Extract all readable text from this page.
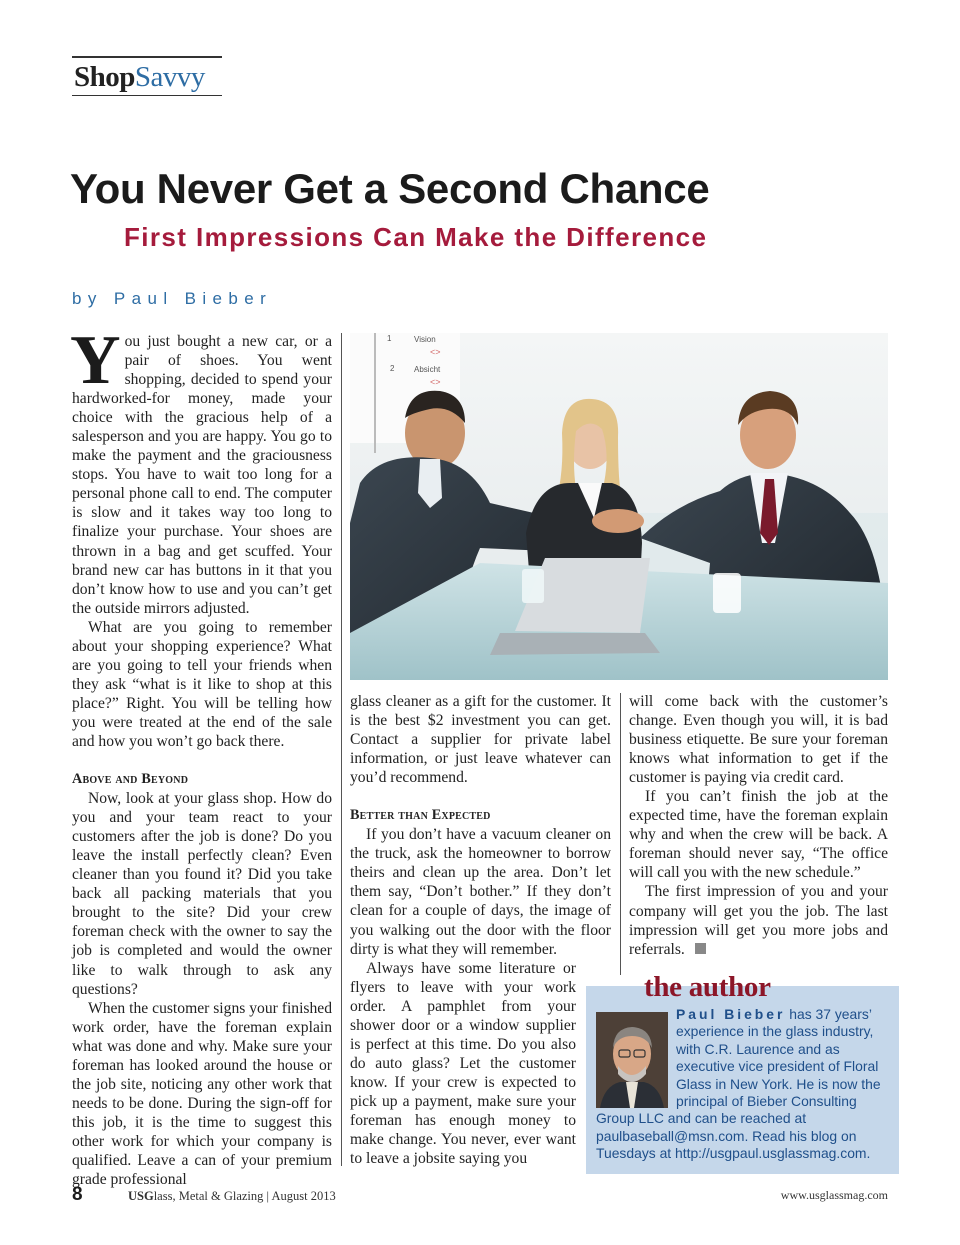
ShopSavvy
You Never Get a Second Chance
First Impressions Can Make the Difference
by Paul Bieber

You just bought a new car, or a pair of shoes. You went shopping, decided to spend your hardworked-for money, made your choice with the gracious help of a salesperson and you are happy. You go to make the payment and the graciousness stops. You have to wait too long for a personal phone call to end. The computer is slow and it takes way too long to finalize your purchase. Your shoes are thrown in a bag and get scuffed. Your brand new car has buttons in it that you don’t know how to use and you can’t get the outside mirrors adjusted.

What are you going to remember about your shopping experience? What are you going to tell your friends when they ask “what is it like to shop at this place?” Right. You will be telling how you were treated at the end of the sale and how you won’t go back there.

Above and Beyond

Now, look at your glass shop. How do you and your team react to your customers after the job is done? Do you leave the install perfectly clean? Even cleaner than you found it? Did you take back all packing materials that you brought to the site? Did your crew foreman check with the owner to say the job is completed and would the owner like to walk through to ask any questions?

When the customer signs your finished work order, have the foreman explain what was done and why. Make sure your foreman has looked around the house or the job site, noticing any other work that needs to be done. During the sign-off for this job, it is the time to suggest this other work for which your company is qualified. Leave a can of your premium grade professional

1	Vision
<>
2 Absicht
<>

glass cleaner as a gift for the customer. It is the best $2 investment you can get. Contact a supplier for private label information, or just leave whatever can you’d recommend.

Better than Expected

If you don’t have a vacuum cleaner on the truck, ask the homeowner to borrow theirs and clean up the area. Don’t let them say, “Don’t bother.” If they don’t clean for a couple of days, the image of you walking out the door with the floor dirty is what they will remember.

Always have some literature or flyers to leave with your work order. A pamphlet from your shower door or a window supplier is perfect at this time. Do you also do auto glass? Let the customer know. If your crew is expected to pick up a payment, make sure your foreman has enough money to make change. You never, ever want to leave a jobsite saying you

will come back with the customer’s change. Even though you will, it is bad business etiquette. Be sure your foreman knows what information to get if the customer is paying via credit card.

If you can’t finish the job at the expected time, have the foreman explain why and when the crew will be back. A foreman should never say, “The office will call you with the new schedule.”

The first impression of you and your company will get you the job. The last impression will get you more jobs and referrals.

the author
Paul Bieber has 37 years’ experience in the glass industry, with C.R. Laurence and as executive vice president of Floral Glass in New York. He is now the principal of Bieber Consulting Group LLC and can be reached at paulbaseball@msn.com. Read his blog on Tuesdays at http://usgpaul.usglassmag.com.
8	USGlass, Metal & Glazing | August 2013	www.usglassmag.com
